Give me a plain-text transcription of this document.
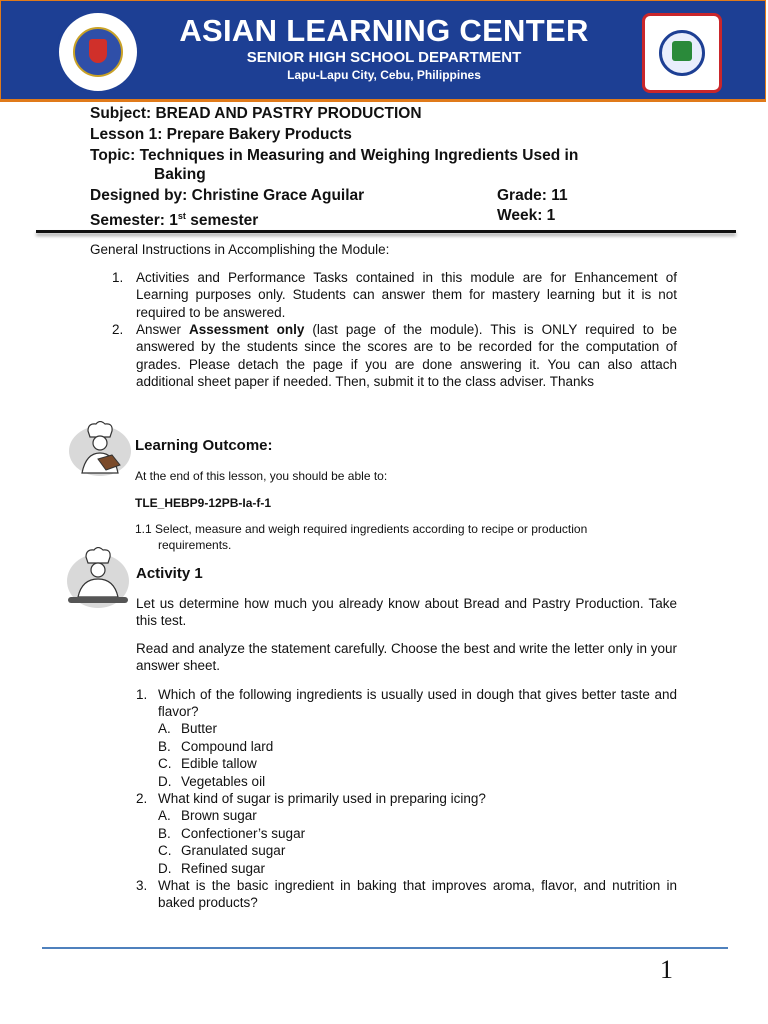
ASIAN LEARNING CENTER
SENIOR HIGH SCHOOL DEPARTMENT
Lapu-Lapu City, Cebu, Philippines
Subject: BREAD AND PASTRY PRODUCTION
Lesson 1: Prepare Bakery Products
Topic: Techniques in Measuring and Weighing Ingredients Used in
Baking
Designed by: Christine Grace Aguilar
Semester: 1st semester
Grade: 11
Week: 1
General Instructions in Accomplishing the Module:
1. Activities and Performance Tasks contained in this module are for Enhancement of Learning purposes only. Students can answer them for mastery learning but it is not required to be answered.
2. Answer Assessment only (last page of the module). This is ONLY required to be answered by the students since the scores are to be recorded for the computation of grades. Please detach the page if you are done answering it. You can also attach additional sheet paper if needed. Then, submit it to the class adviser. Thanks
Learning Outcome:
At the end of this lesson, you should be able to:
TLE_HEBP9-12PB-Ia-f-1
1.1 Select, measure and weigh required ingredients according to recipe or production
requirements.
Activity 1
Let us determine how much you already know about Bread and Pastry Production. Take this test.
Read and analyze the statement carefully. Choose the best and write the letter only in your answer sheet.
1. Which of the following ingredients is usually used in dough that gives better taste and flavor?
A. Butter
B. Compound lard
C. Edible tallow
D. Vegetables oil
2. What kind of sugar is primarily used in preparing icing?
A. Brown sugar
B. Confectioner’s sugar
C. Granulated sugar
D. Refined sugar
3. What is the basic ingredient in baking that improves aroma, flavor, and nutrition in baked products?
1
